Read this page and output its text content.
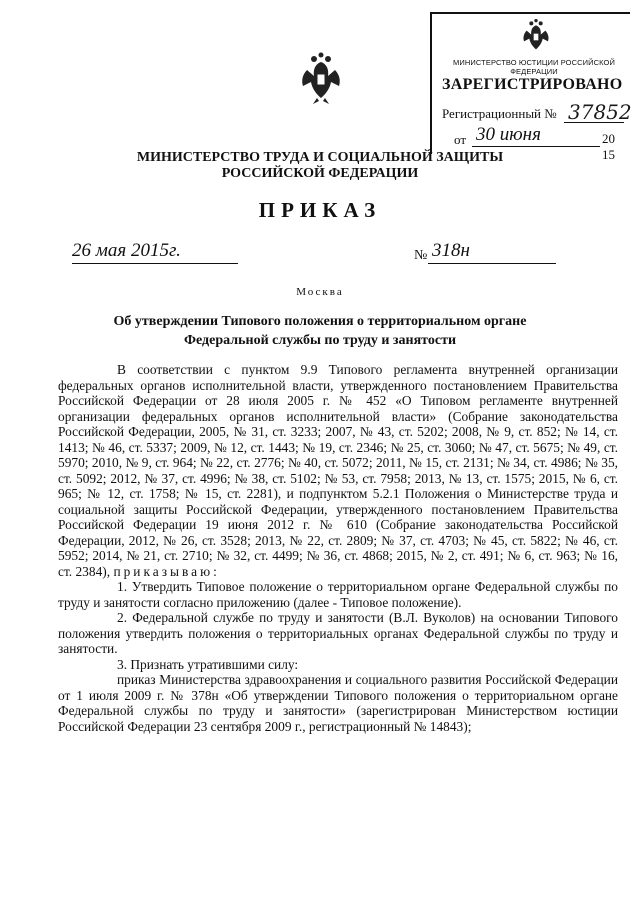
МИНИСТЕРСТВО ЮСТИЦИИ РОССИЙСКОЙ ФЕДЕРАЦИИ
ЗАРЕГИСТРИРОВАНО
Регистрационный № 37852
от 30 июня	20 15
МИНИСТЕРСТВО ТРУДА И СОЦИАЛЬНОЙ ЗАЩИТЫ
РОССИЙСКОЙ ФЕДЕРАЦИИ
ПРИКАЗ
26 мая 2015г.	№ 318н
Москва
Об утверждении Типового положения о территориальном органе
Федеральной службы по труду и занятости

В соответствии с пунктом 9.9 Типового регламента внутренней организации федеральных органов исполнительной власти, утвержденного постановлением Правительства Российской Федерации от 28 июля 2005 г. № 452 «О Типовом регламенте внутренней организации федеральных органов исполнительной власти» (Собрание законодательства Российской Федерации, 2005, № 31, ст. 3233; 2007, № 43, ст. 5202; 2008, № 9, ст. 852; № 14, ст. 1413; № 46, ст. 5337; 2009, № 12, ст. 1443; № 19, ст. 2346; № 25, ст. 3060; № 47, ст. 5675; № 49, ст. 5970; 2010, № 9, ст. 964; № 22, ст. 2776; № 40, ст. 5072; 2011, № 15, ст. 2131; № 34, ст. 4986; № 35, ст. 5092; 2012, № 37, ст. 4996; № 38, ст. 5102; № 53, ст. 7958; 2013, № 13, ст. 1575; 2015, № 6, ст. 965; № 12, ст. 1758; № 15, ст. 2281), и подпунктом 5.2.1 Положения о Министерстве труда и социальной защиты Российской Федерации, утвержденного постановлением Правительства Российской Федерации 19 июня 2012 г. № 610 (Собрание законодательства Российской Федерации, 2012, № 26, ст. 3528; 2013, № 22, ст. 2809; № 37, ст. 4703; № 45, ст. 5822; № 46, ст. 5952; 2014, № 21, ст. 2710; № 32, ст. 4499; № 36, ст. 4868; 2015, № 2, ст. 491; № 6, ст. 963; № 16, ст. 2384), приказываю:

1. Утвердить Типовое положение о территориальном органе Федеральной службы по труду и занятости согласно приложению (далее - Типовое положение).

2. Федеральной службе по труду и занятости (В.Л. Вуколов) на основании Типового положения утвердить положения о территориальных органах Федеральной службы по труду и занятости.

3. Признать утратившими силу:

приказ Министерства здравоохранения и социального развития Российской Федерации от 1 июля 2009 г. № 378н «Об утверждении Типового положения о территориальном органе Федеральной службы по труду и занятости» (зарегистрирован Министерством юстиции Российской Федерации 23 сентября 2009 г., регистрационный № 14843);
